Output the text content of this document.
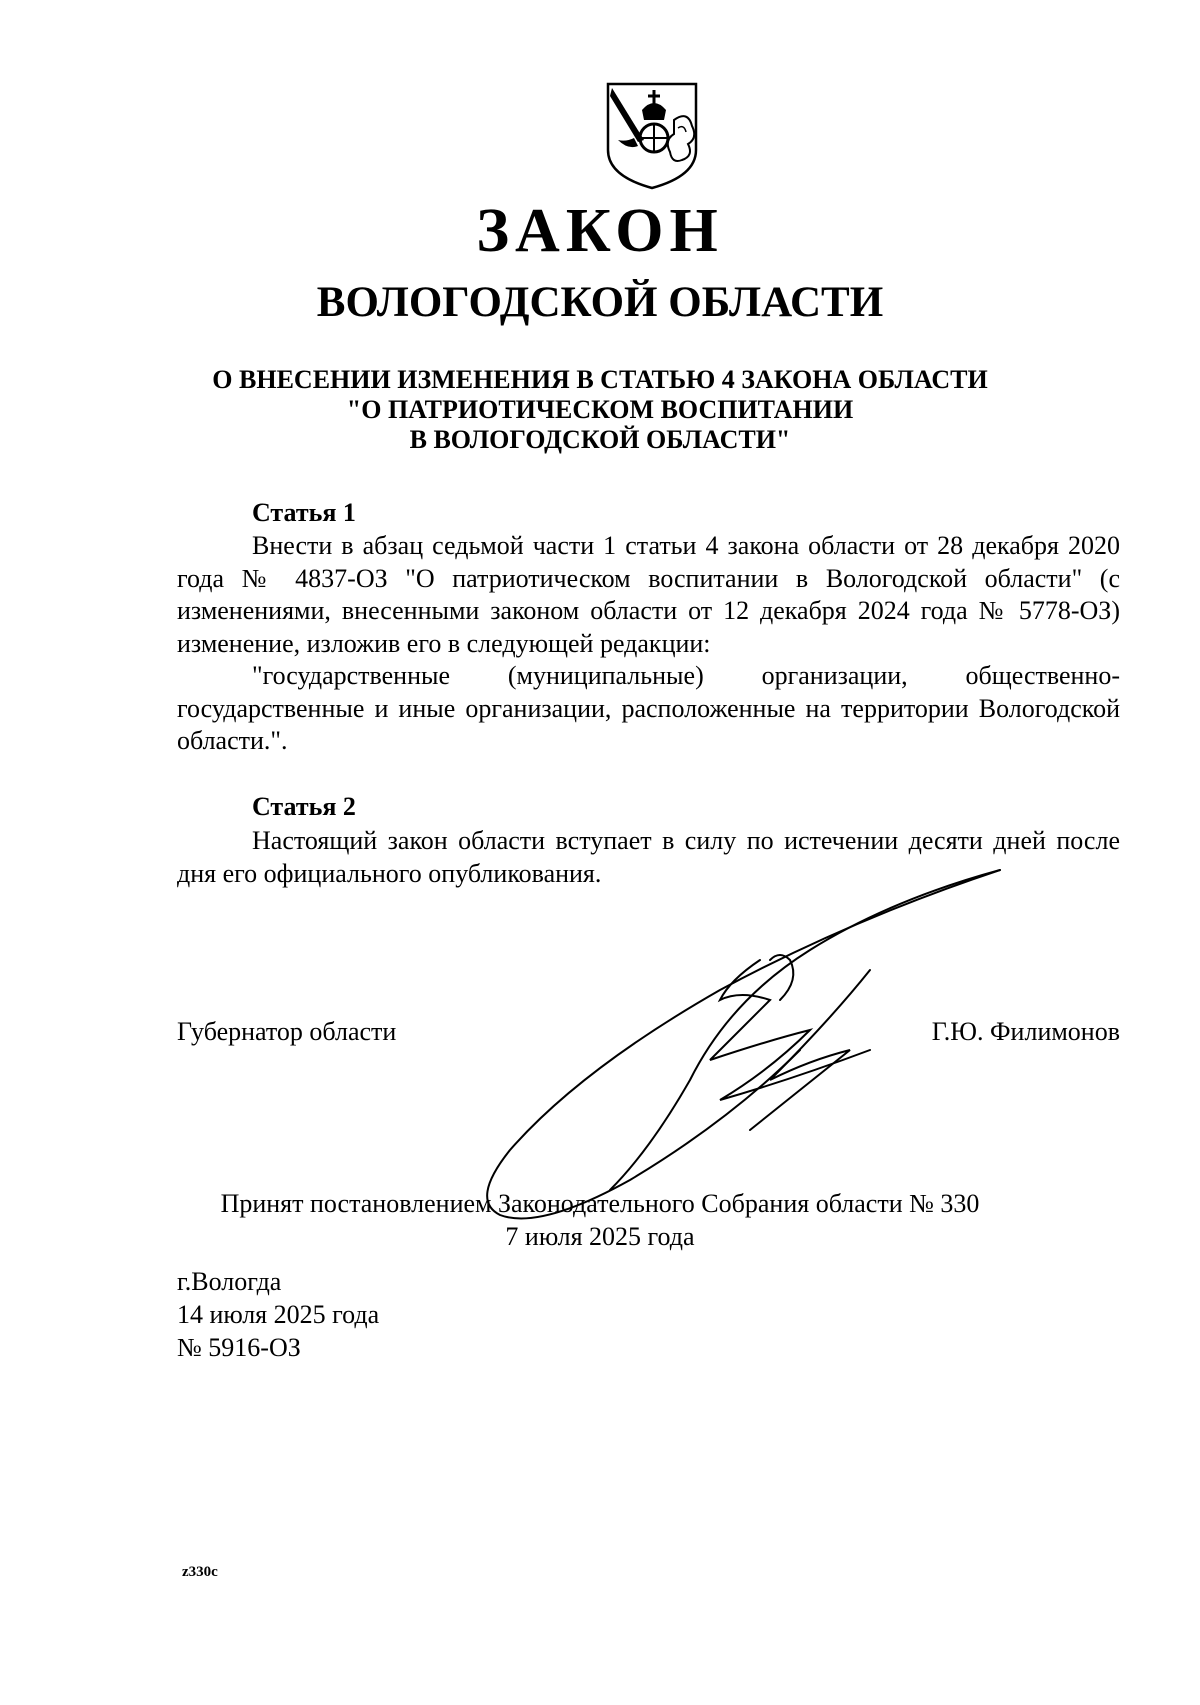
ЗАКОН
ВОЛОГОДСКОЙ ОБЛАСТИ
О ВНЕСЕНИИ ИЗМЕНЕНИЯ В СТАТЬЮ 4 ЗАКОНА ОБЛАСТИ
"О ПАТРИОТИЧЕСКОМ ВОСПИТАНИИ
В ВОЛОГОДСКОЙ ОБЛАСТИ"
Статья 1
Внести в абзац седьмой части 1 статьи 4 закона области от 28 декабря 2020 года № 4837-ОЗ "О патриотическом воспитании в Вологодской области" (с изменениями, внесенными законом области от 12 декабря 2024 года № 5778-ОЗ) изменение, изложив его в следующей редакции:
"государственные (муниципальные) организации, общественно-государственные и иные организации, расположенные на территории Вологодской области.".
Статья 2
Настоящий закон области вступает в силу по истечении десяти дней после дня его официального опубликования.
Губернатор области	Г.Ю. Филимонов
Принят постановлением Законодательного Собрания области № 330
7 июля 2025 года
г.Вологда
14 июля 2025 года
№ 5916-ОЗ
z330с
